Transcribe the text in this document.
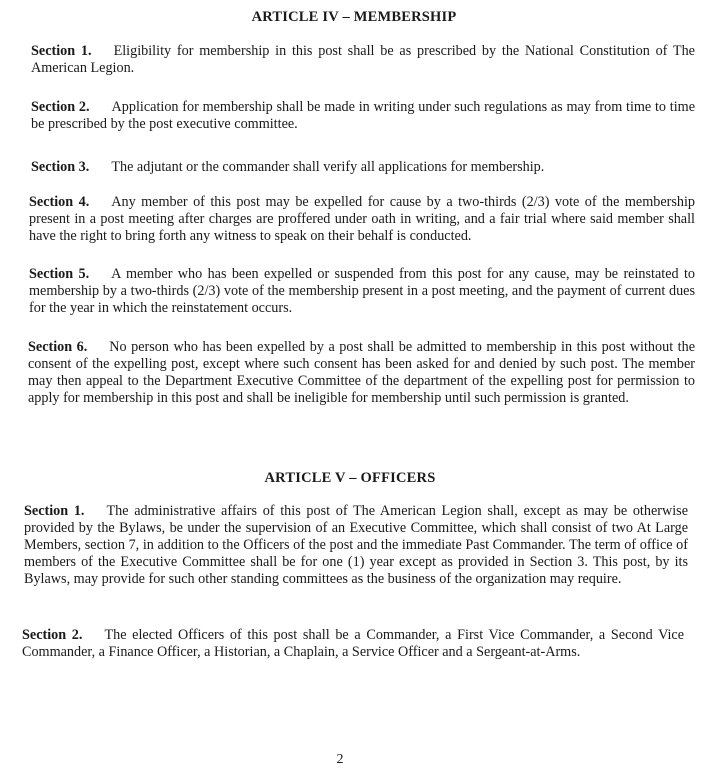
ARTICLE IV – MEMBERSHIP
Section 1. Eligibility for membership in this post shall be as prescribed by the National Constitution of The American Legion.
Section 2. Application for membership shall be made in writing under such regulations as may from time to time be prescribed by the post executive committee.
Section 3. The adjutant or the commander shall verify all applications for membership.
Section 4. Any member of this post may be expelled for cause by a two-thirds (2/3) vote of the membership present in a post meeting after charges are proffered under oath in writing, and a fair trial where said member shall have the right to bring forth any witness to speak on their behalf is conducted.
Section 5. A member who has been expelled or suspended from this post for any cause, may be reinstated to membership by a two-thirds (2/3) vote of the membership present in a post meeting, and the payment of current dues for the year in which the reinstatement occurs.
Section 6. No person who has been expelled by a post shall be admitted to membership in this post without the consent of the expelling post, except where such consent has been asked for and denied by such post. The member may then appeal to the Department Executive Committee of the department of the expelling post for permission to apply for membership in this post and shall be ineligible for membership until such permission is granted.
ARTICLE V – OFFICERS
Section 1. The administrative affairs of this post of The American Legion shall, except as may be otherwise provided by the Bylaws, be under the supervision of an Executive Committee, which shall consist of two At Large Members, section 7, in addition to the Officers of the post and the immediate Past Commander. The term of office of members of the Executive Committee shall be for one (1) year except as provided in Section 3. This post, by its Bylaws, may provide for such other standing committees as the business of the organization may require.
Section 2. The elected Officers of this post shall be a Commander, a First Vice Commander, a Second Vice Commander, a Finance Officer, a Historian, a Chaplain, a Service Officer and a Sergeant-at-Arms.
2
